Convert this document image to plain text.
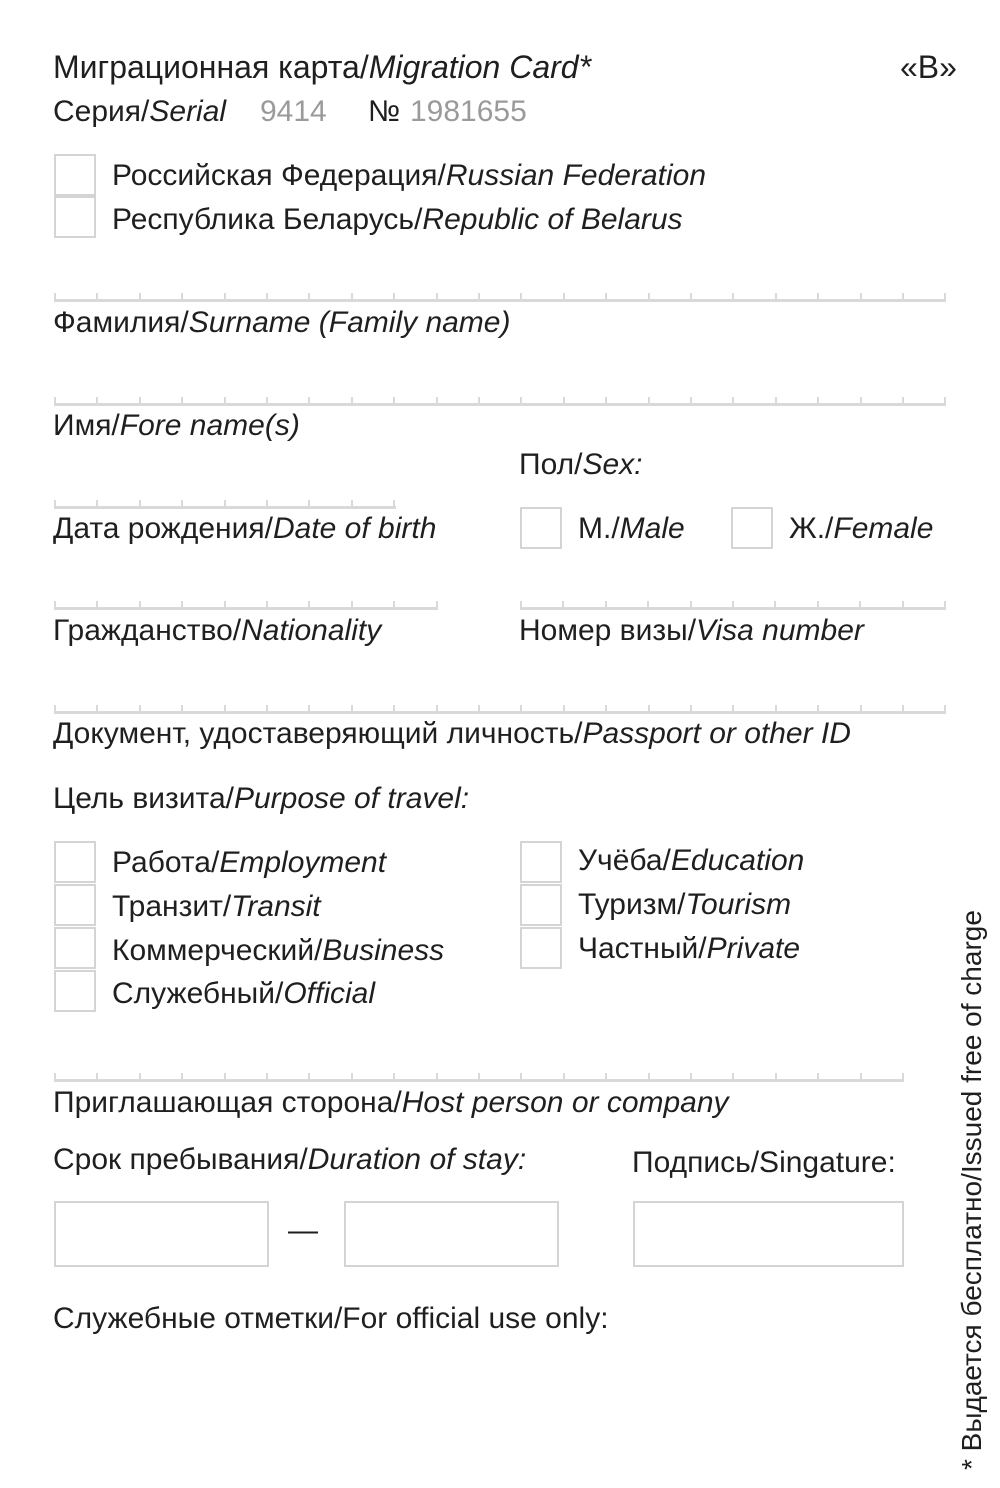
Миграционная карта/Migration Card*	«В»
Серия/Serial 9414 № 1981655
Российская Федерация/Russian Federation
Республика Беларусь/Republic of Belarus
Фамилия/Surname (Family name)
Имя/Fore name(s)
Пол/Sex:
Дата рождения/Date of birth	М./Male	Ж./Female
Гражданство/Nationality	Номер визы/Visa number
Документ, удоставеряющий личность/Passport or other ID
Цель визита/Purpose of travel:
Работа/Employment
Транзит/Transit
Коммерческий/Business
Служебный/Official
Учёба/Education
Туризм/Tourism
Частный/Private
Приглашающая сторона/Host person or company
Срок пребывания/Duration of stay:	Подпись/Singature:
—
Служебные отметки/For official use only:	* Выдается бесплатно/Issued free of charge
